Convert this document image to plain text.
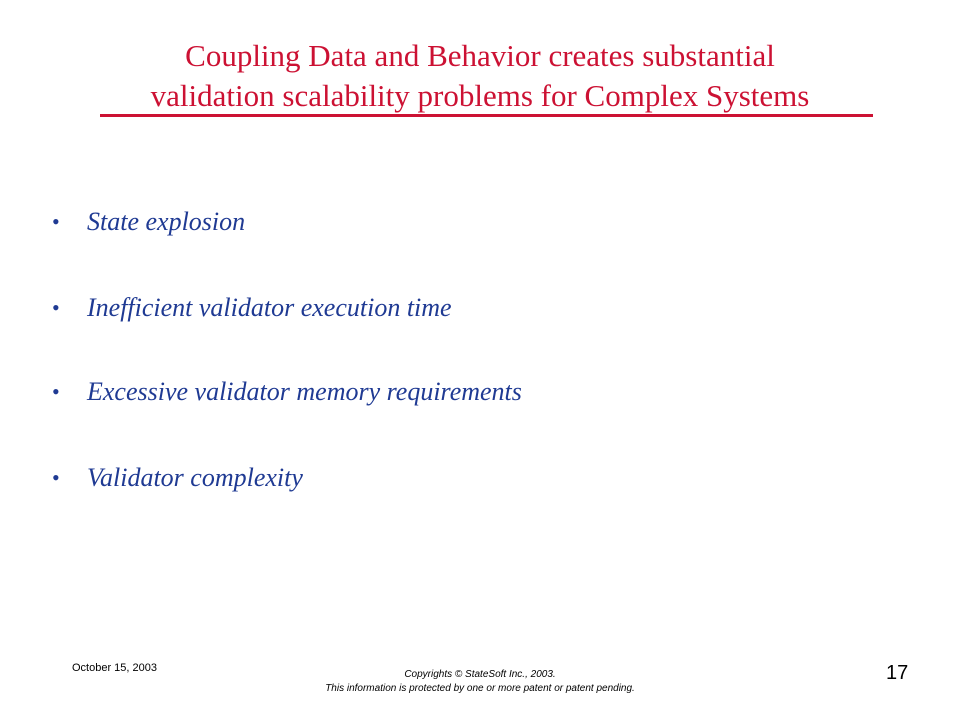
Coupling Data and Behavior creates substantial
validation scalability problems for Complex Systems
• State explosion
• Inefficient validator execution time
• Excessive validator memory requirements
• Validator complexity
October 15, 2003
Copyrights © StateSoft Inc., 2003.
This information is protected by one or more patent or patent pending.
17
